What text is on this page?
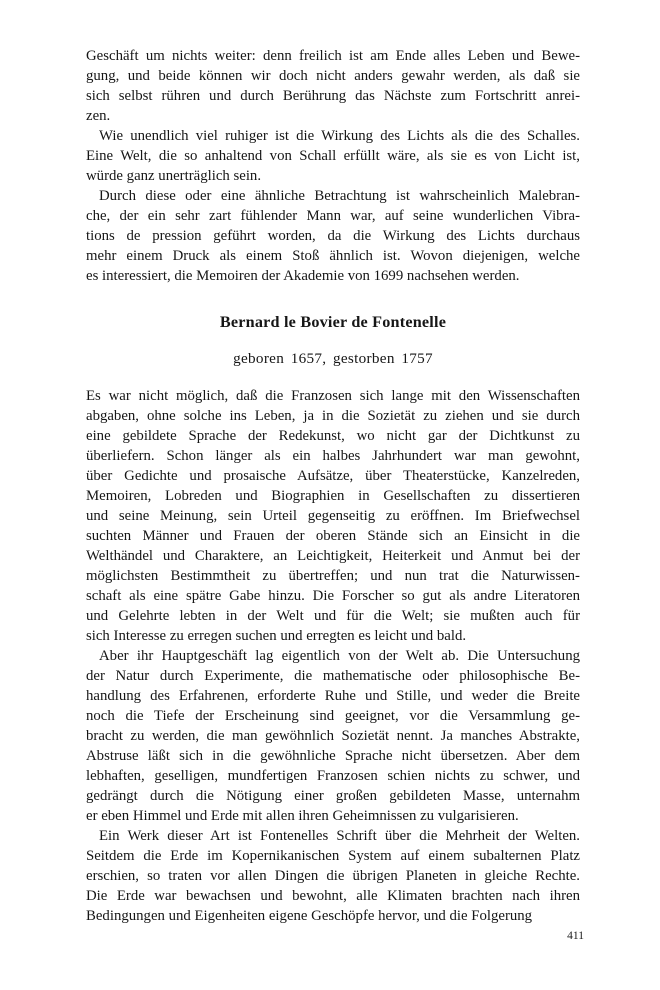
Geschäft um nichts weiter: denn freilich ist am Ende alles Leben und Bewe-
gung, und beide können wir doch nicht anders gewahr werden, als daß sie
sich selbst rühren und durch Berührung das Nächste zum Fortschritt anrei-
zen.
Wie unendlich viel ruhiger ist die Wirkung des Lichts als die des Schalles.
Eine Welt, die so anhaltend von Schall erfüllt wäre, als sie es von Licht ist,
würde ganz unerträglich sein.
Durch diese oder eine ähnliche Betrachtung ist wahrscheinlich Malebran-
che, der ein sehr zart fühlender Mann war, auf seine wunderlichen Vibra-
tions de pression geführt worden, da die Wirkung des Lichts durchaus
mehr einem Druck als einem Stoß ähnlich ist. Wovon diejenigen, welche
es interessiert, die Memoiren der Akademie von 1699 nachsehen werden.
Bernard le Bovier de Fontenelle
geboren 1657, gestorben 1757
Es war nicht möglich, daß die Franzosen sich lange mit den Wissenschaften
abgaben, ohne solche ins Leben, ja in die Sozietät zu ziehen und sie durch
eine gebildete Sprache der Redekunst, wo nicht gar der Dichtkunst zu
überliefern. Schon länger als ein halbes Jahrhundert war man gewohnt,
über Gedichte und prosaische Aufsätze, über Theaterstücke, Kanzelreden,
Memoiren, Lobreden und Biographien in Gesellschaften zu dissertieren
und seine Meinung, sein Urteil gegenseitig zu eröffnen. Im Briefwechsel
suchten Männer und Frauen der oberen Stände sich an Einsicht in die
Welthändel und Charaktere, an Leichtigkeit, Heiterkeit und Anmut bei der
möglichsten Bestimmtheit zu übertreffen; und nun trat die Naturwissen-
schaft als eine spätre Gabe hinzu. Die Forscher so gut als andre Literatoren
und Gelehrte lebten in der Welt und für die Welt; sie mußten auch für
sich Interesse zu erregen suchen und erregten es leicht und bald.
Aber ihr Hauptgeschäft lag eigentlich von der Welt ab. Die Untersuchung
der Natur durch Experimente, die mathematische oder philosophische Be-
handlung des Erfahrenen, erforderte Ruhe und Stille, und weder die Breite
noch die Tiefe der Erscheinung sind geeignet, vor die Versammlung ge-
bracht zu werden, die man gewöhnlich Sozietät nennt. Ja manches Abstrakte,
Abstruse läßt sich in die gewöhnliche Sprache nicht übersetzen. Aber dem
lebhaften, geselligen, mundfertigen Franzosen schien nichts zu schwer, und
gedrängt durch die Nötigung einer großen gebildeten Masse, unternahm
er eben Himmel und Erde mit allen ihren Geheimnissen zu vulgarisieren.
Ein Werk dieser Art ist Fontenelles Schrift über die Mehrheit der Welten.
Seitdem die Erde im Kopernikanischen System auf einem subalternen Platz
erschien, so traten vor allen Dingen die übrigen Planeten in gleiche Rechte.
Die Erde war bewachsen und bewohnt, alle Klimaten brachten nach ihren
Bedingungen und Eigenheiten eigene Geschöpfe hervor, und die Folgerung
411
